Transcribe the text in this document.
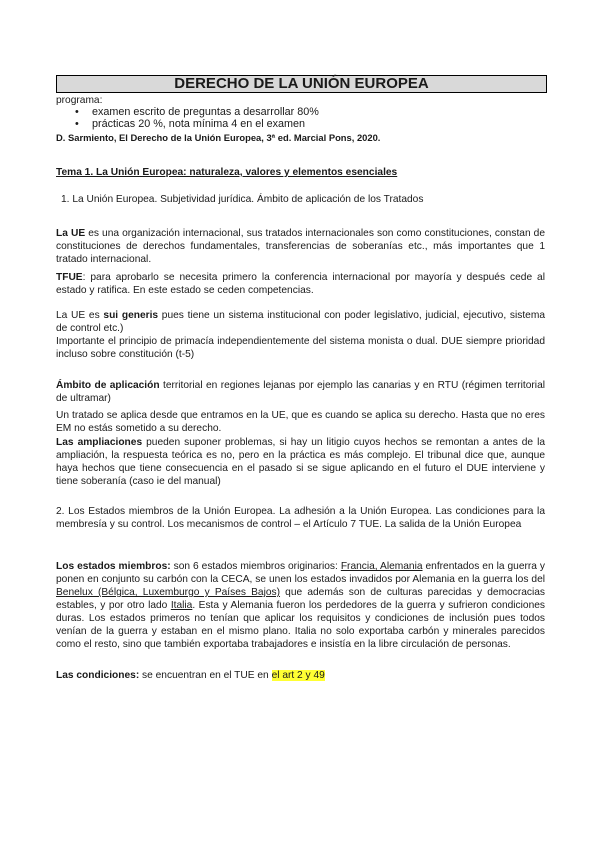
DERECHO DE LA UNIÓN EUROPEA

programa:

• examen escrito de preguntas a desarrollar 80%
• prácticas 20 %, nota mínima 4 en el examen

D. Sarmiento, El Derecho de la Unión Europea, 3ª ed. Marcial Pons, 2020.

Tema 1. La Unión Europea: naturaleza, valores y elementos esenciales

1. La Unión Europea. Subjetividad jurídica. Ámbito de aplicación de los Tratados

La UE es una organización internacional, sus tratados internacionales son como constituciones, constan de constituciones de derechos fundamentales, transferencias de soberanías etc., más importantes que 1 tratado internacional.

TFUE: para aprobarlo se necesita primero la conferencia internacional por mayoría y después cede al estado y ratifica. En este estado se ceden competencias.

La UE es sui generis pues tiene un sistema institucional con poder legislativo, judicial, ejecutivo, sistema de control etc.)
Importante el principio de primacía independientemente del sistema monista o dual. DUE siempre prioridad incluso sobre constitución (t-5)

Ámbito de aplicación territorial en regiones lejanas por ejemplo las canarias y en RTU (régimen territorial de ultramar)

Un tratado se aplica desde que entramos en la UE, que es cuando se aplica su derecho. Hasta que no eres EM no estás sometido a su derecho.

Las ampliaciones pueden suponer problemas, si hay un litigio cuyos hechos se remontan a antes de la ampliación, la respuesta teórica es no, pero en la práctica es más complejo. El tribunal dice que, aunque haya hechos que tiene consecuencia en el pasado si se sigue aplicando en el futuro el DUE interviene y tiene soberanía (caso ie del manual)

2. Los Estados miembros de la Unión Europea. La adhesión a la Unión Europea. Las condiciones para la membresía y su control. Los mecanismos de control – el Artículo 7 TUE. La salida de la Unión Europea

Los estados miembros: son 6 estados miembros originarios: Francia, Alemania enfrentados en la guerra y ponen en conjunto su carbón con la CECA, se unen los estados invadidos por Alemania en la guerra los del Benelux (Bélgica, Luxemburgo y Países Bajos) que además son de culturas parecidas y democracias estables, y por otro lado Italia. Esta y Alemania fueron los perdedores de la guerra y sufrieron condiciones duras. Los estados primeros no tenían que aplicar los requisitos y condiciones de inclusión pues todos venían de la guerra y estaban en el mismo plano. Italia no solo exportaba carbón y minerales parecidos como el resto, sino que también exportaba trabajadores e insistía en la libre circulación de personas.

Las condiciones: se encuentran en el TUE en el art 2 y 49
